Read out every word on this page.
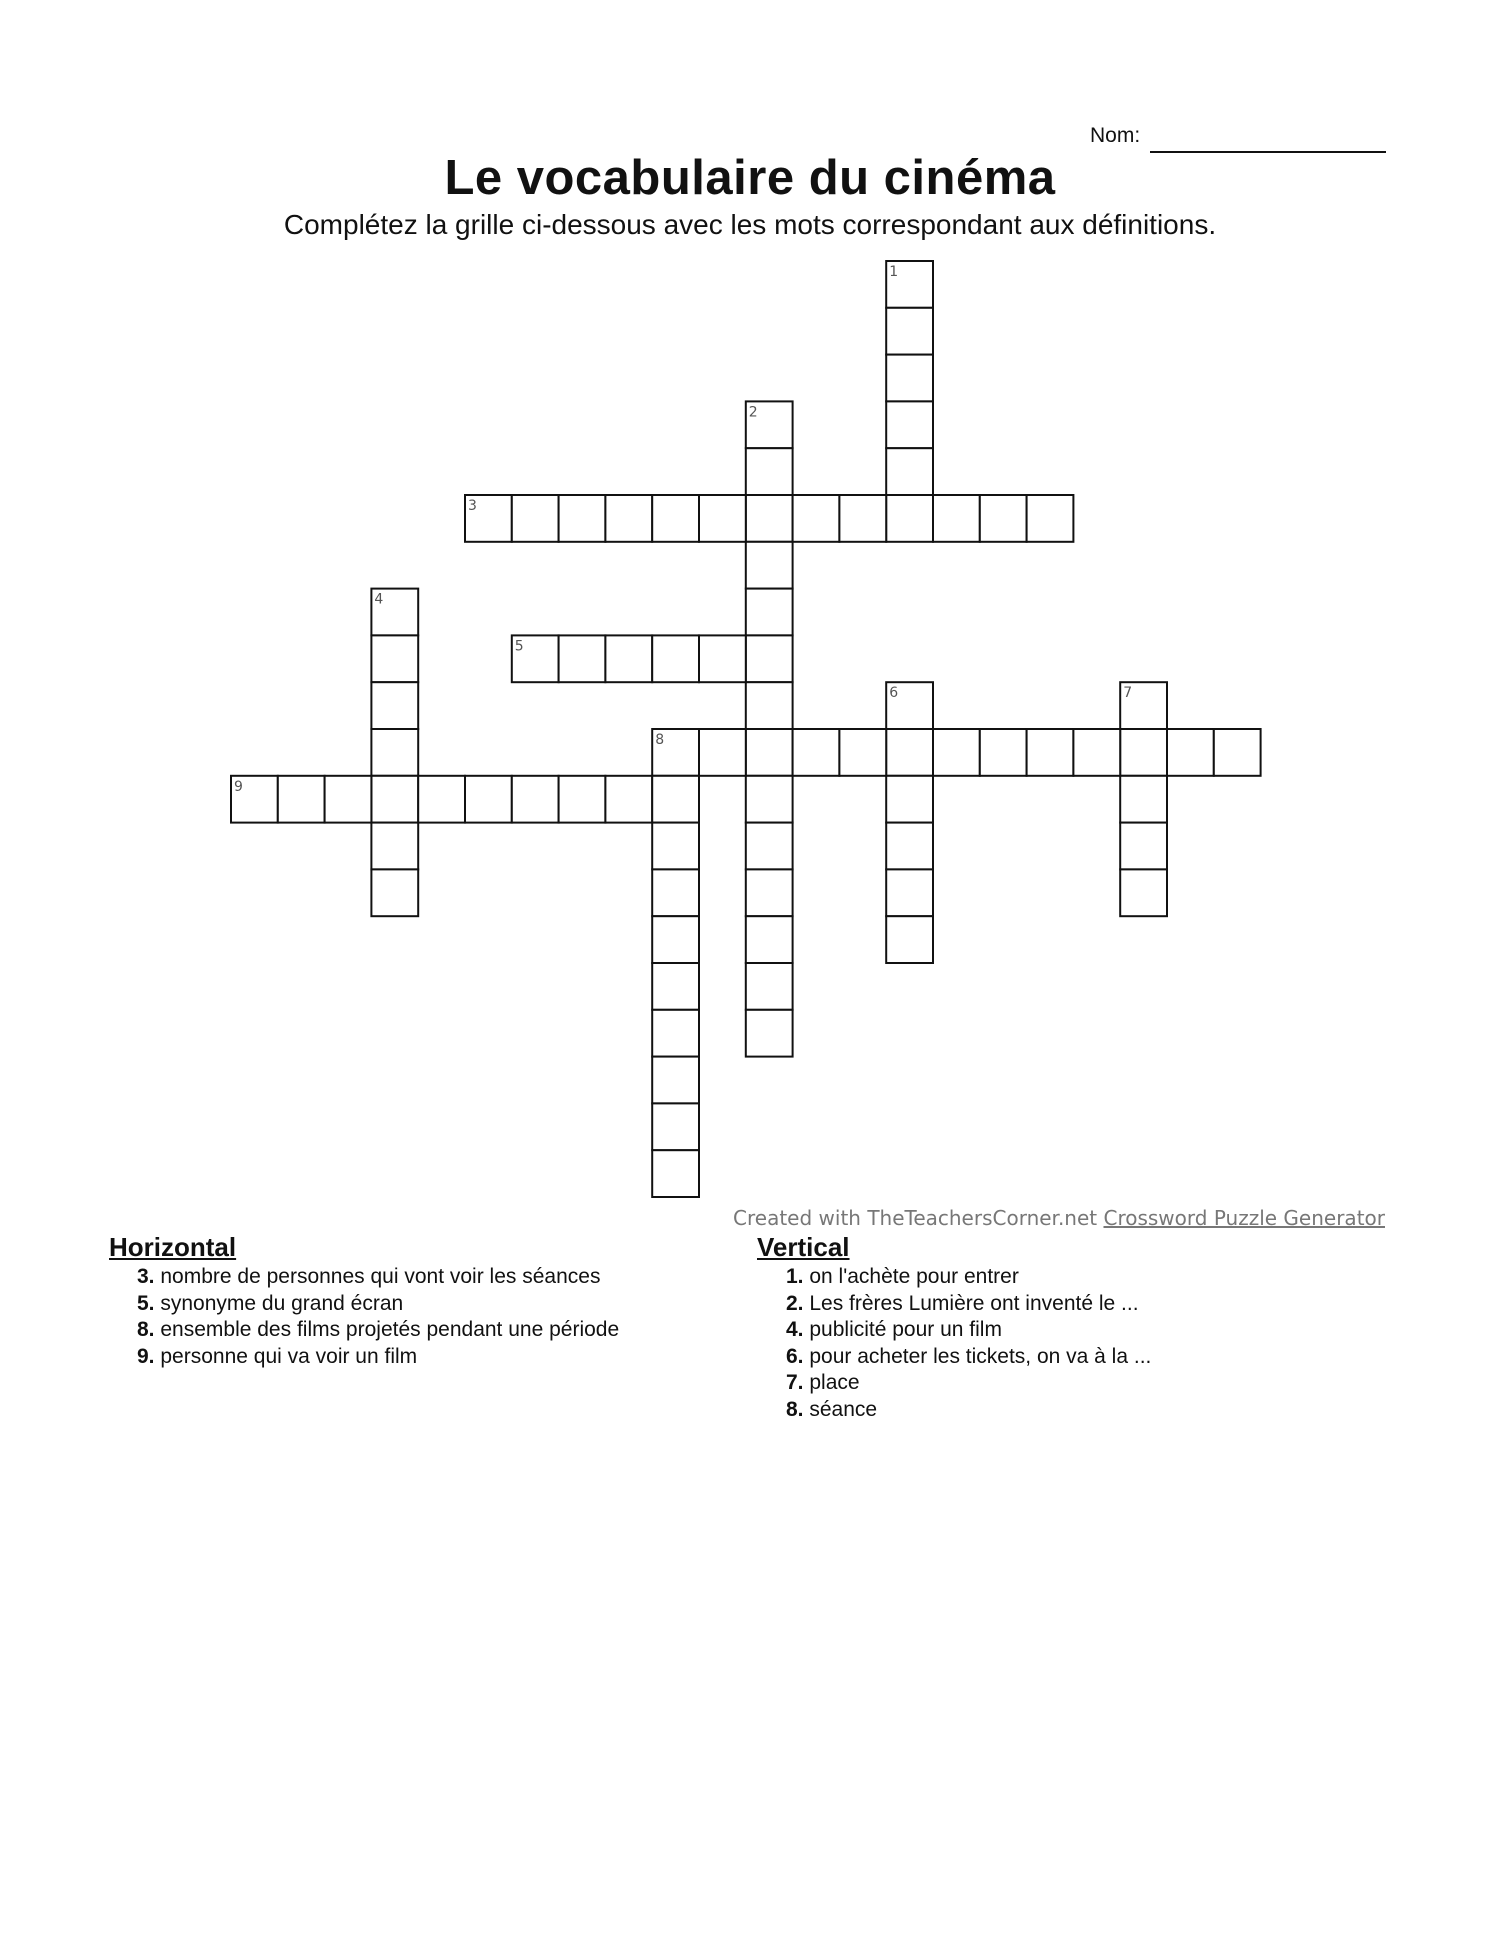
Nom:
Le vocabulaire du cinéma
Complétez la grille ci-dessous avec les mots correspondant aux définitions.
1
2
3
4
5
6	7
8
9
Created with TheTeachersCorner.net Crossword Puzzle Generator
Horizontal
3. nombre de personnes qui vont voir les séances
5. synonyme du grand écran
8. ensemble des films projetés pendant une période
9. personne qui va voir un film
Vertical
1. on l'achète pour entrer
2. Les frères Lumière ont inventé le ...
4. publicité pour un film
6. pour acheter les tickets, on va à la ...
7. place
8. séance
